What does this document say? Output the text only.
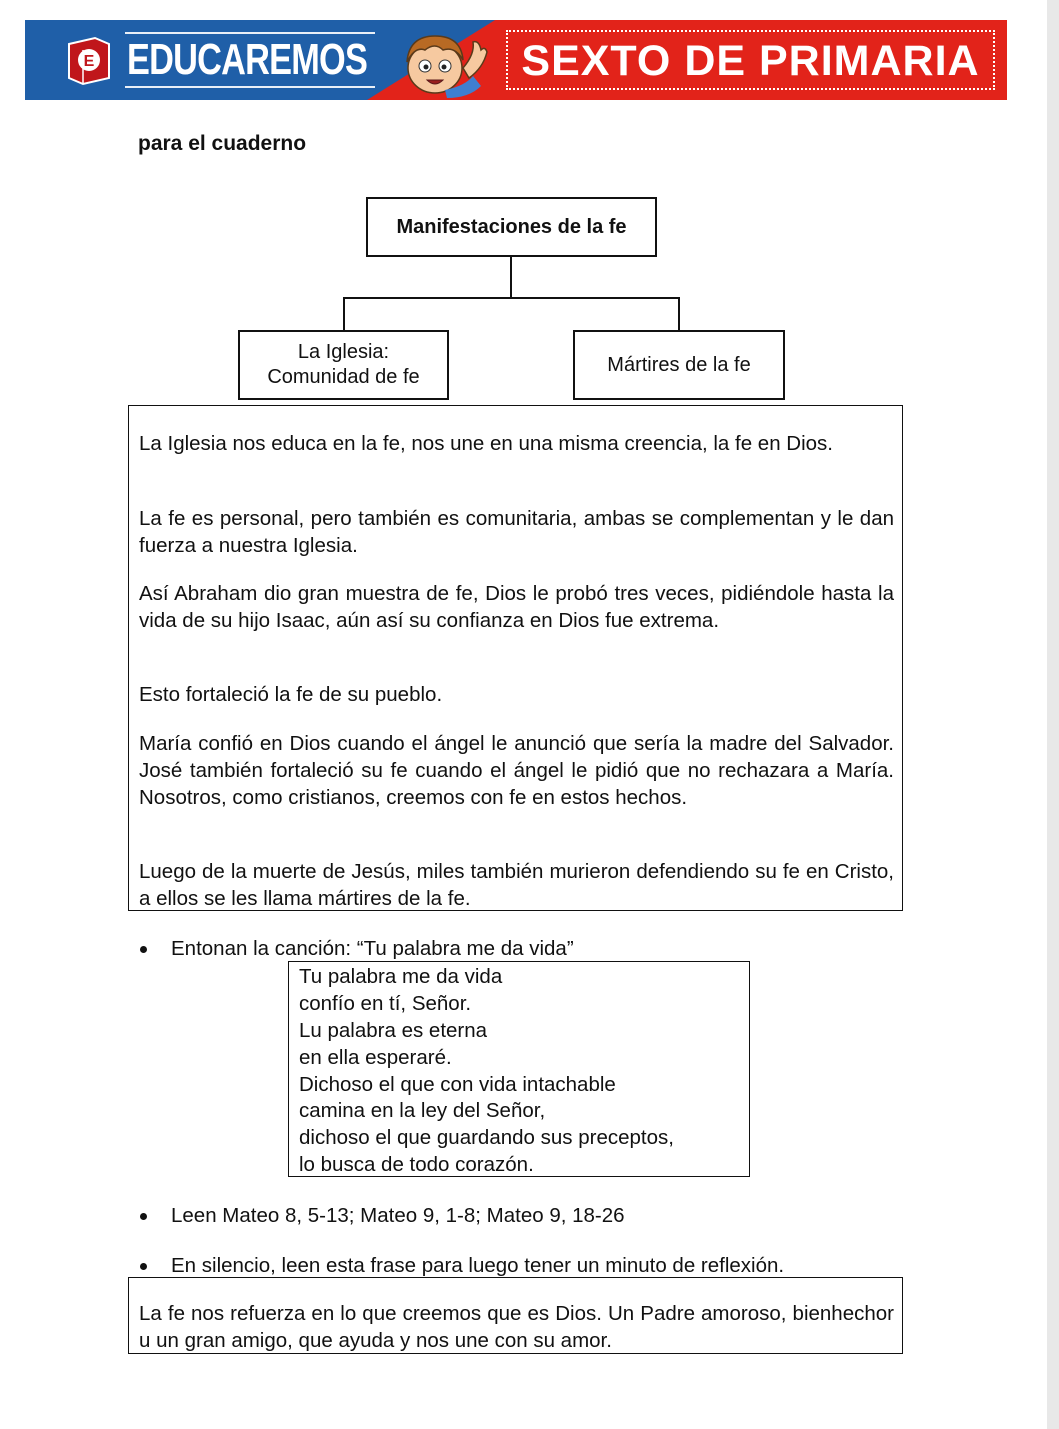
E EDUCAREMOS	SEXTO DE PRIMARIA
para el cuaderno
Manifestaciones de la fe
La Iglesia:
Comunidad de fe
Mártires de la fe
La Iglesia nos educa en la fe, nos une en una misma creencia, la fe en Dios.
La fe es personal, pero también es comunitaria, ambas se complementan y le dan fuerza a nuestra Iglesia.
Así Abraham dio gran muestra de fe, Dios le probó tres veces, pidiéndole hasta la vida de su hijo Isaac, aún así su confianza en Dios fue extrema.
Esto fortaleció la fe de su pueblo.
María confió en Dios cuando el ángel le anunció que sería la madre del Salvador. José también fortaleció su fe cuando el ángel le pidió que no rechazara a María. Nosotros, como cristianos, creemos con fe en estos hechos.
Luego de la muerte de Jesús, miles también murieron defendiendo su fe en Cristo, a ellos se les llama mártires de la fe.
Entonan la canción: “Tu palabra me da vida”
Tu palabra me da vida
confío en tí, Señor.
Lu palabra es eterna
en ella esperaré.
Dichoso el que con vida intachable
camina en la ley del Señor,
dichoso el que guardando sus preceptos,
lo busca de todo corazón.
Leen Mateo 8, 5-13; Mateo 9, 1-8; Mateo 9, 18-26
En silencio, leen esta frase para luego tener un minuto de reflexión.
La fe nos refuerza en lo que creemos que es Dios. Un Padre amoroso, bienhechor u un gran amigo, que ayuda y nos une con su amor.
